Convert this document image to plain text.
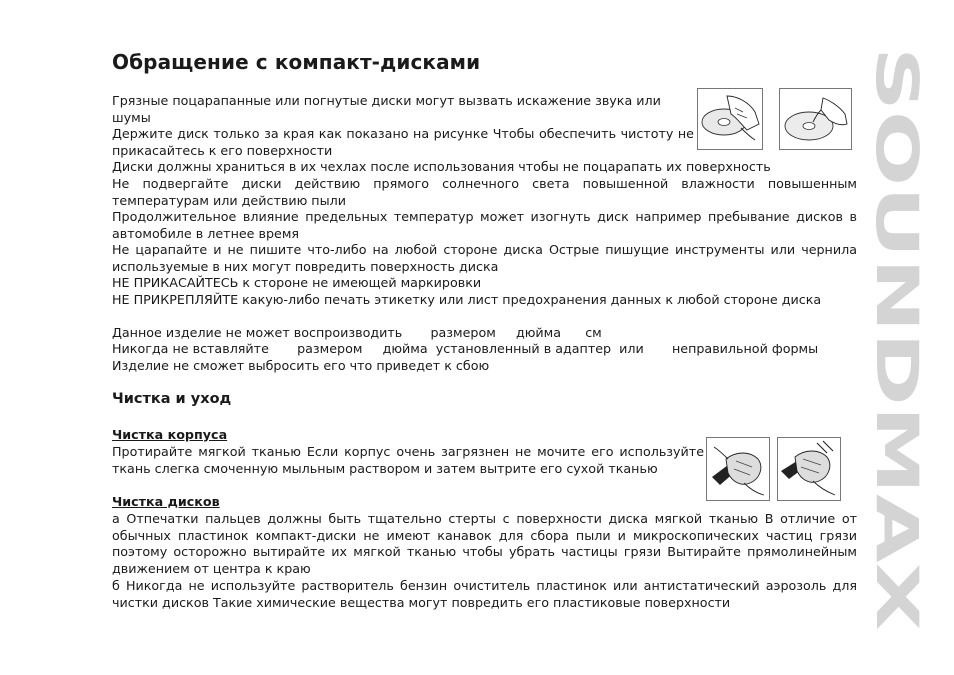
Обращение с компакт-дисками

Грязные поцарапанные или погнутые диски могут вызвать искажение звука или шумы

Держите диск только за края как показано на рисунке Чтобы обеспечить чистоту не прикасайтесь к его поверхности

Диски должны храниться в их чехлах после использования чтобы не поцарапать их поверхность

Не подвергайте диски действию прямого солнечного света повышенной влажности повышенным температурам или действию пыли

Продолжительное влияние предельных температур может изогнуть диск например пребывание дисков в автомобиле в летнее время

Не царапайте и не пишите что-либо на любой стороне диска Острые пишущие инструменты или чернила используемые в них могут повредить поверхность диска

НЕ ПРИКАСАЙТЕСЬ к стороне не имеющей маркировки

НЕ ПРИКРЕПЛЯЙТЕ какую-либо печать этикетку или лист предохранения данных к любой стороне диска

Данное изделие не может воспроизводить       размером     дюйма      см

Никогда не вставляйте       размером     дюйма  установленный в адаптер  или       неправильной формы

Изделие не сможет выбросить его что приведет к сбою

Чистка и уход

Чистка корпуса

Протирайте мягкой тканью Если корпус очень загрязнен не мочите его используйте ткань слегка смоченную мыльным раствором и затем вытрите его сухой тканью

Чистка дисков

а Отпечатки пальцев должны быть тщательно стерты с поверхности диска мягкой тканью В отличие от обычных пластинок компакт-диски не имеют канавок для сбора пыли и микроскопических частиц грязи поэтому осторожно вытирайте их мягкой тканью чтобы убрать частицы грязи Вытирайте прямолинейным движением от центра к краю

б Никогда не используйте растворитель бензин очиститель пластинок или антистатический аэрозоль для чистки дисков Такие химические вещества могут повредить его пластиковые поверхности

SOUNDMAX
